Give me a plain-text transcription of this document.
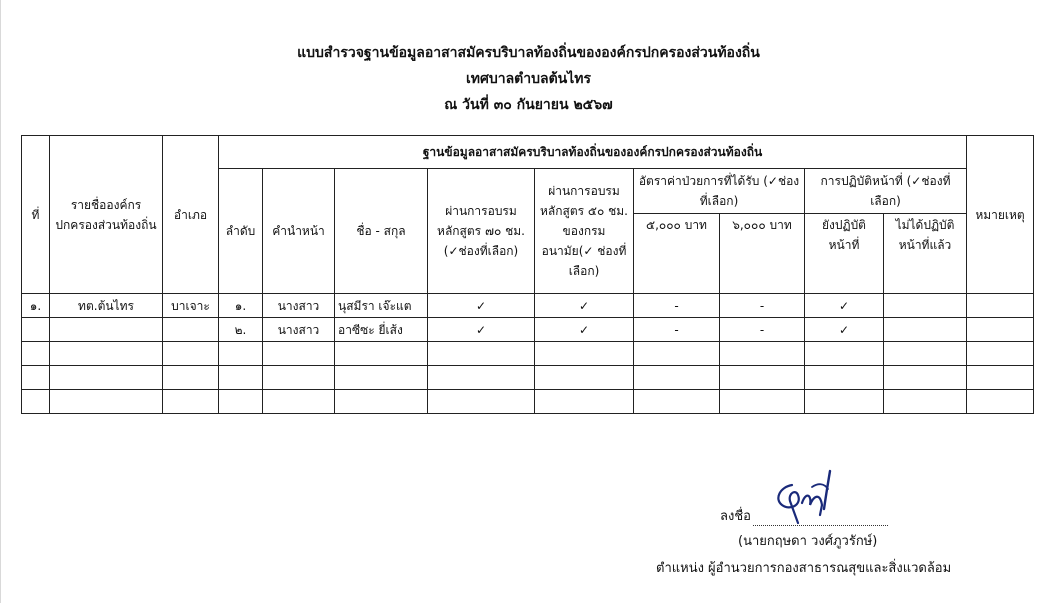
แบบสำรวจฐานข้อมูลอาสาสมัครบริบาลท้องถิ่นขององค์กรปกครองส่วนท้องถิ่น
เทศบาลตำบลต้นไทร
ณ วันที่ ๓๐ กันยายน ๒๕๖๗
ที่	รายชื่อองค์กรปกครองส่วนท้องถิ่น	อำเภอ	ฐานข้อมูลอาสาสมัครบริบาลท้องถิ่นขององค์กรปกครองส่วนท้องถิ่น									หมายเหตุ
			ลำดับ	คำนำหน้า	ชื่อ - สกุล	ผ่านการอบรมหลักสูตร ๗๐ ชม. (✓ช่องที่เลือก)	ผ่านการอบรมหลักสูตร ๕๐ ชม. ของกรมอนามัย(✓ ช่องที่เลือก)	อัตราค่าป่วยการที่ได้รับ (✓ช่องที่เลือก)		การปฏิบัติหน้าที่ (✓ช่องที่เลือก)		
								๕,๐๐๐ บาท	๖,๐๐๐ บาท	ยังปฏิบัติหน้าที่	ไม่ได้ปฏิบัติหน้าที่แล้ว	
๑.	ทต.ต้นไทร	บาเจาะ	๑.	นางสาว	นุสมีรา เจ๊ะแต	✓	✓	-	-	✓		
			๒.	นางสาว	อาซีซะ ยี่เส้ง	✓	✓	-	-	✓		

ลงชื่อ
(นายกฤษดา วงศ์ภูวรักษ์)
ตำแหน่ง ผู้อำนวยการกองสาธารณสุขและสิ่งแวดล้อม
